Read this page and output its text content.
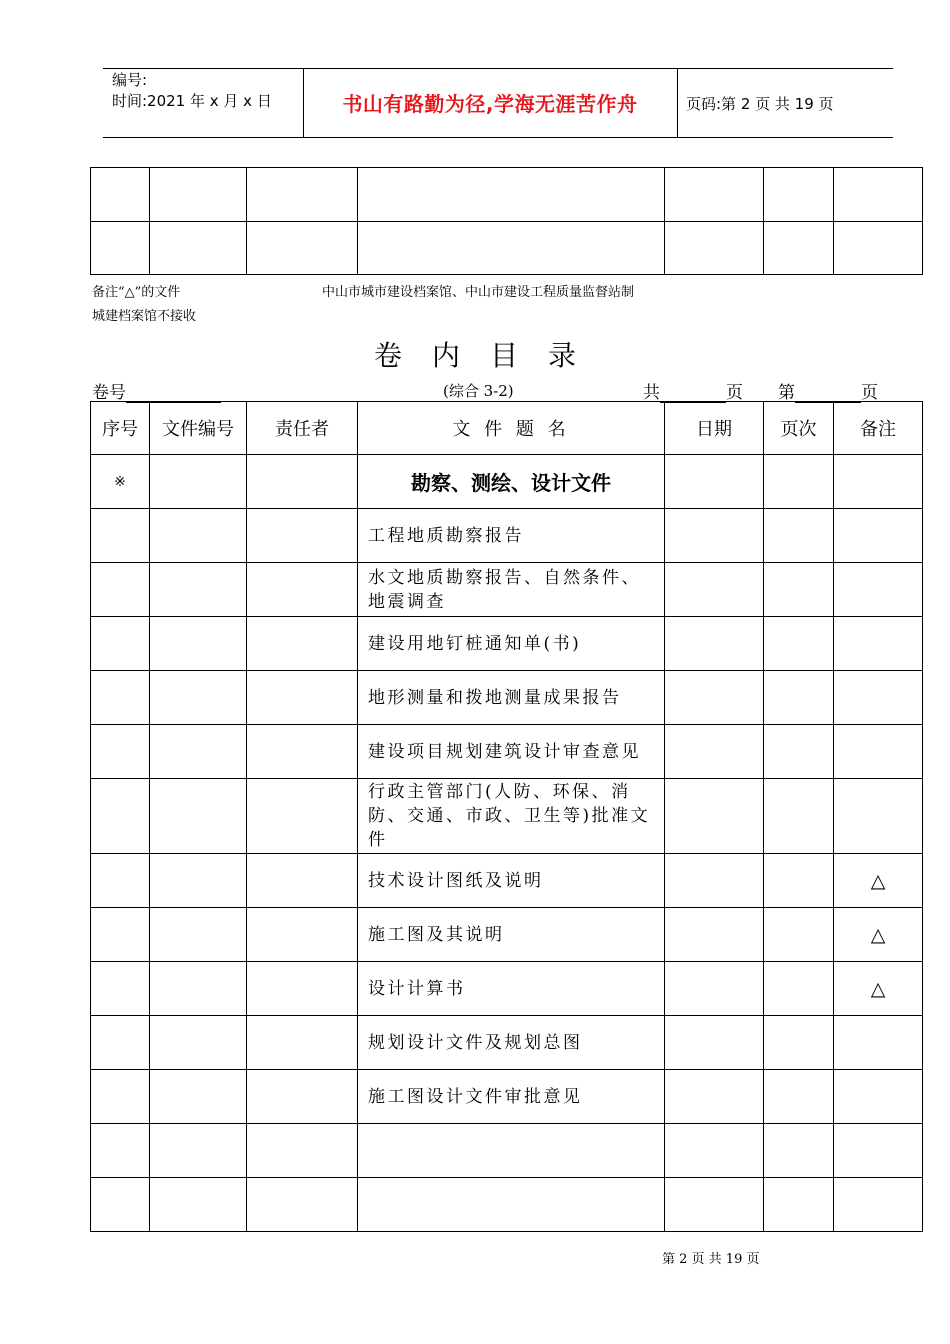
编号:
时间:2021 年 x 月 x 日	书山有路勤为径,学海无涯苦作舟	页码:第 2 页 共 19 页

备注“△”的文件
城建档案馆不接收
中山市城市建设档案馆、中山市建设工程质量监督站制
卷内目录
卷号	(综合 3-2)	共	页 第	页
序号	文件编号	责任者	文 件 题 名	日期	页次	备注
※			勘察、测绘、设计文件			
			工程地质勘察报告			
			水文地质勘察报告、自然条件、地震调查			
			建设用地钉桩通知单(书)			
			地形测量和拨地测量成果报告			
			建设项目规划建筑设计审查意见			
			行政主管部门(人防、环保、消防、交通、市政、卫生等)批准文件			
			技术设计图纸及说明			△
			施工图及其说明			△
			设计计算书			△
			规划设计文件及规划总图			
			施工图设计文件审批意见			

第 2 页 共 19 页
